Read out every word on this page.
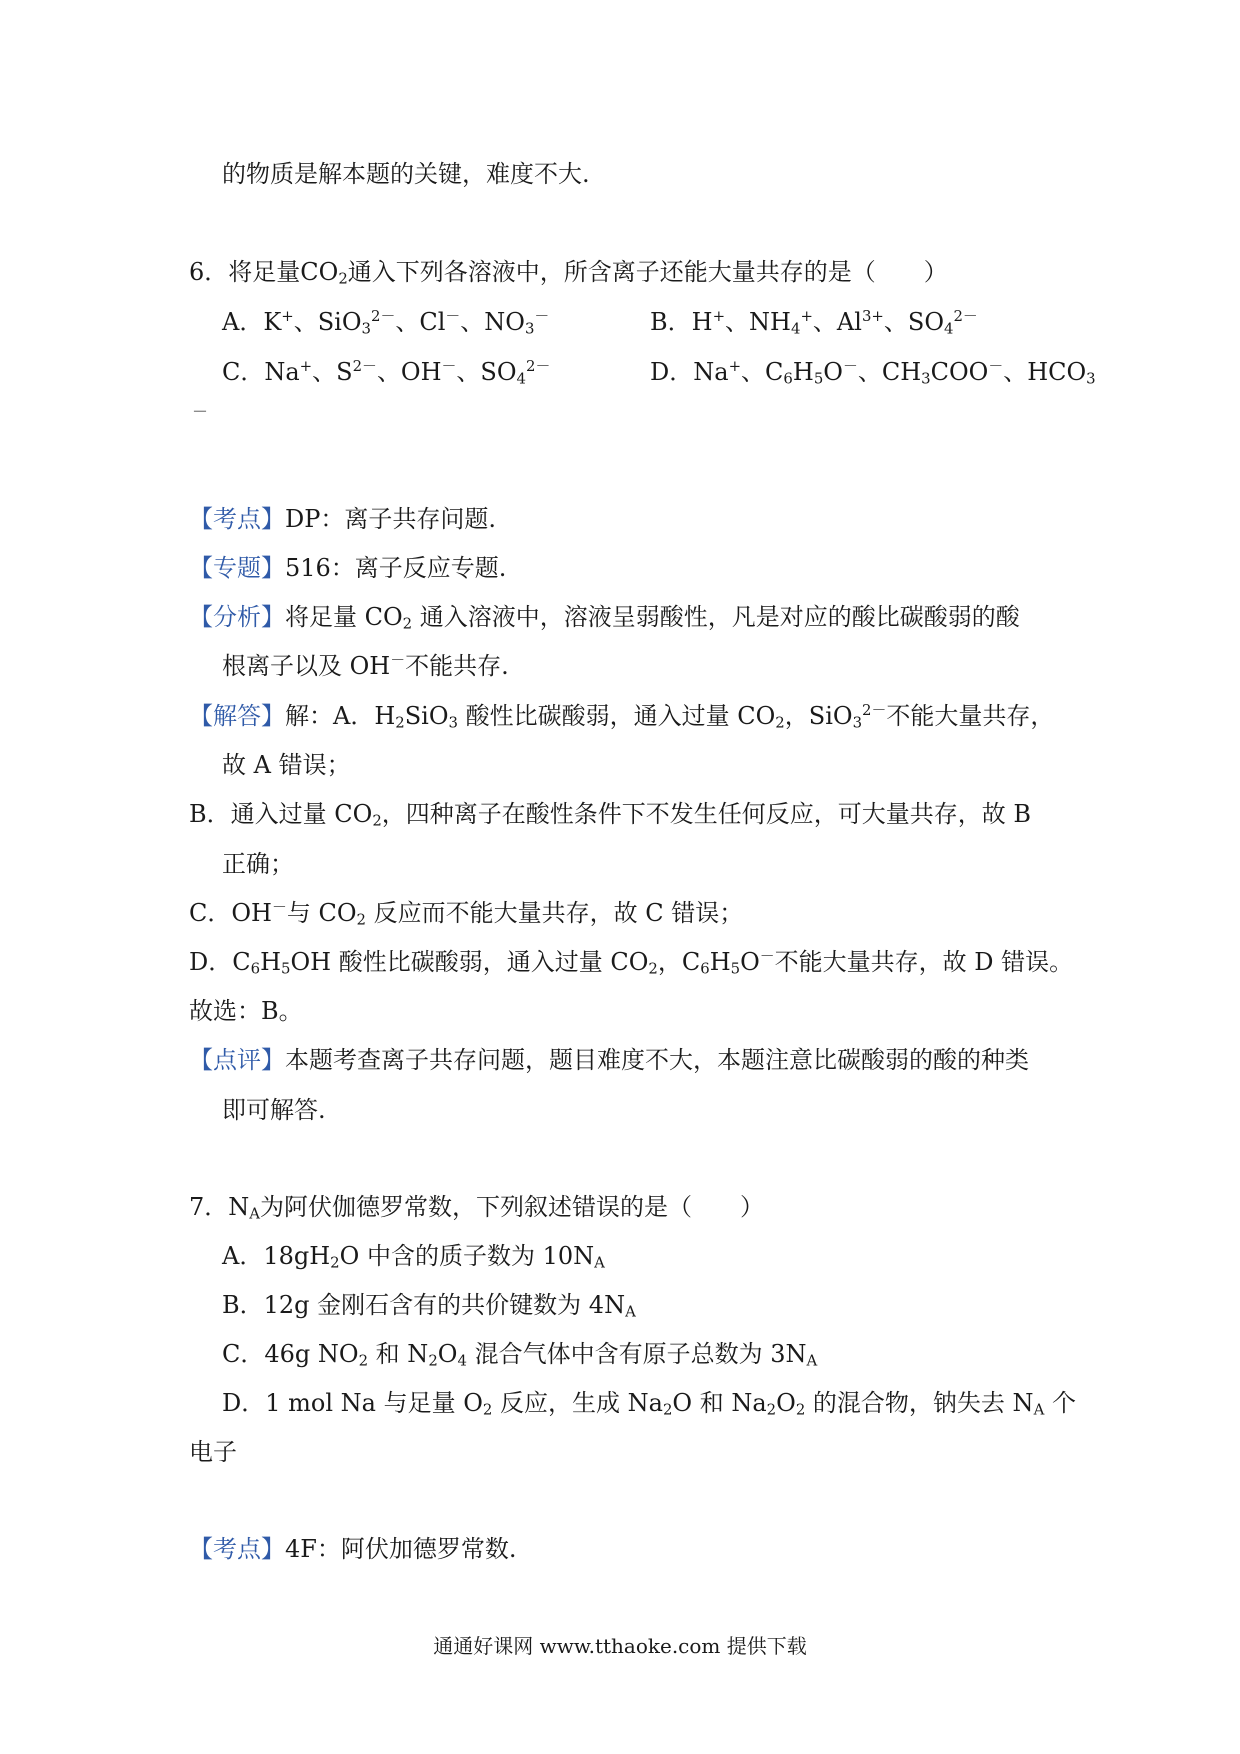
的物质是解本题的关键，难度不大.
6．将足量$CO_2$通入下列各溶液中，所含离子还能大量共存的是（　　）
A．K+、SiO$_3^{2-}$、Cl－、$NO_3^-$	B．H+、$NH_4^+$、$Al^{3+}$、$SO_4^{2-}$
C．Na+、$S^{2-}$、OH－、$SO_4^{2-}$	D．Na+、$C_6H_5O^-$、$CH_3COO^-$、$HCO_3$
－
【考点】DP：离子共存问题.
【专题】516：离子反应专题.
【分析】将足量 $CO_2$ 通入溶液中，溶液呈弱酸性，凡是对应的酸比碳酸弱的酸
根离子以及 OH－不能共存.
【解答】解：A．$H_2SiO_3$ 酸性比碳酸弱，通入过量 $CO_2$，SiO$_3^{2-}$不能大量共存，
故 A 错误；
B．通入过量 $CO_2$，四种离子在酸性条件下不发生任何反应，可大量共存，故 B
正确；
C．OH－与 $CO_2$ 反应而不能大量共存，故 C 错误；
D．$C_6H_5OH$ 酸性比碳酸弱，通入过量 $CO_2$，$C_6H_5O^-$不能大量共存，故 D 错误。
故选：B。
【点评】本题考查离子共存问题，题目难度不大，本题注意比碳酸弱的酸的种类
即可解答.
7．$N_A$为阿伏伽德罗常数，下列叙述错误的是（　　）
A．$18gH_2O$ 中含的质子数为 $10N_A$
B．12g 金刚石含有的共价键数为 $4N_A$
C．46g $NO_2$ 和 $N_2O_4$ 混合气体中含有原子总数为 $3N_A$
D．1 mol Na 与足量 $O_2$ 反应，生成 $Na_2O$ 和 $Na_2O_2$ 的混合物，钠失去 $N_A$ 个
电子
【考点】4F：阿伏加德罗常数.
通通好课网 www.tthaoke.com 提供下载
